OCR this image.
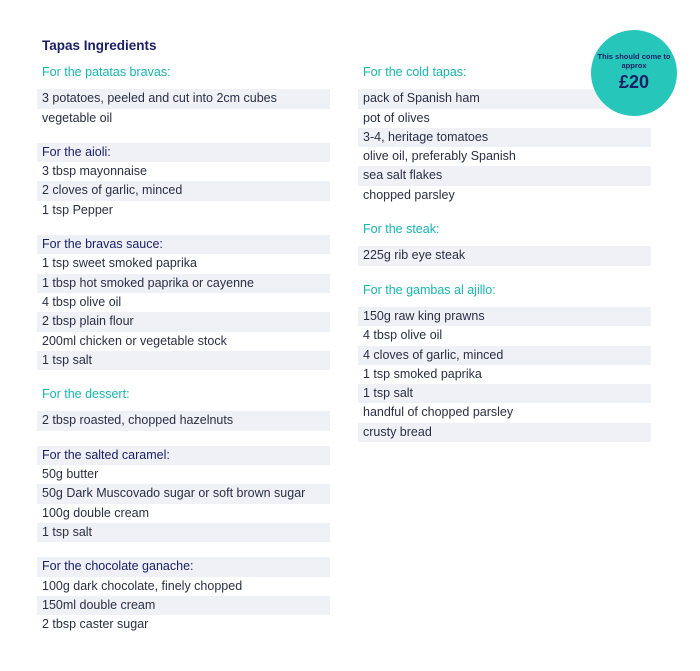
Tapas Ingredients
For the patatas bravas:
3 potatoes, peeled and cut into 2cm cubes
vegetable oil
For the aioli:
3 tbsp mayonnaise
2 cloves of garlic, minced
1 tsp Pepper
For the bravas sauce:
1 tsp sweet smoked paprika
1 tbsp hot smoked paprika or cayenne
4 tbsp olive oil
2 tbsp plain flour
200ml chicken or vegetable stock
1 tsp salt
For the dessert:
2 tbsp roasted, chopped hazelnuts
For the salted caramel:
50g butter
50g Dark Muscovado sugar or soft brown sugar
100g double cream
1 tsp salt
For the chocolate ganache:
100g dark chocolate, finely chopped
150ml double cream
2 tbsp caster sugar
For the cold tapas:
pack of Spanish ham
pot of olives
3-4, heritage tomatoes
olive oil, preferably Spanish
sea salt flakes
chopped parsley
For the steak:
225g rib eye steak
For the gambas al ajillo:
150g raw king prawns
4 tbsp olive oil
4 cloves of garlic, minced
1 tsp smoked paprika
1 tsp salt
handful of chopped parsley
crusty bread
This should come to approx
£20
